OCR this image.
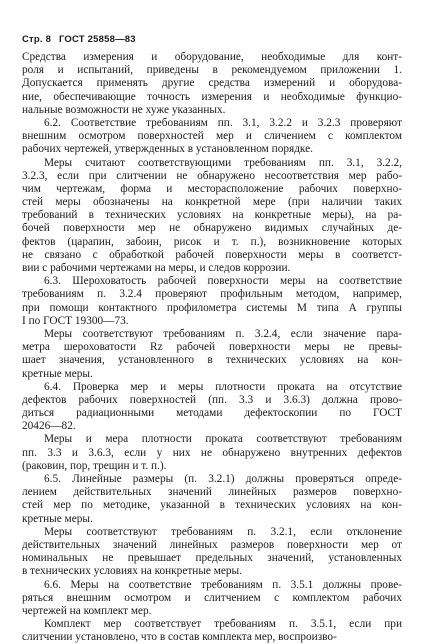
Стр. 8 ГОСТ 25858—83
Средства измерения и оборудование, необходимые для конт-
роля и испытаний, приведены в рекомендуемом приложении 1.
Допускается применять другие средства измерений и оборудова-
ние, обеспечивающие точность измерения и необходимые функцио-
нальные возможности не хуже указанных.
6.2. Соответствие требованиям пп. 3.1, 3.2.2 и 3.2.3 проверяют
внешним осмотром поверхностей мер и сличением с комплектом
рабочих чертежей, утвержденных в установленном порядке.
Меры считают соответствующими требованиям пп. 3.1, 3.2.2,
3.2.3, если при слитчении не обнаружено несоответствия мер рабо-
чим чертежам, форма и месторасположение рабочих поверхно-
стей меры обозначены на конкретной мере (при наличии таких
требований в технических условиях на конкретные меры), на ра-
бочей поверхности мер не обнаружено видимых случайных де-
фектов (царапин, забоин, рисок и т. п.), возникновение которых
не связано с обработкой рабочей поверхности меры в соответст-
вии с рабочими чертежами на меры, и следов коррозии.
6.3. Шероховатость рабочей поверхности меры на соответствие
требованиям п. 3.2.4 проверяют профильным методом, например,
при помощи контактного профилометра системы М типа А группы
I по ГОСТ 19300—73.
Меры соответствуют требованиям п. 3.2.4, если значение пара-
метра шероховатости Rz рабочей поверхности меры не превы-
шает значения, установленного в технических условиях на кон-
кретные меры.
6.4. Проверка мер и меры плотности проката на отсутствие
дефектов рабочих поверхностей (пп. 3.3 и 3.6.3) должна прово-
диться радиационными методами дефектоскопии по ГОСТ
20426—82.
Меры и мера плотности проката соответствуют требованиям
пп. 3.3 и 3.6.3, если у них не обнаружено внутренних дефектов
(раковин, пор, трещин и т. п.).
6.5. Линейные размеры (п. 3.2.1) должны проверяться опреде-
лением действительных значений линейных размеров поверхно-
стей мер по методике, указанной в технических условиях на кон-
кретные меры.
Меры соответствуют требованиям п. 3.2.1, если отклонение
действительных значений линейных размеров поверхности мер от
номинальных не превышает предельных значений, установленных
в технических условиях на конкретные меры.
6.6. Меры на соответствие требованиям п. 3.5.1 должны прове-
ряться внешним осмотром и слитчением с комплектом рабочих
чертежей на комплект мер.
Комплект мер соответствует требованиям п. 3.5.1, если при
слитчении установлено, что в состав комплекта мер, воспроизво-
